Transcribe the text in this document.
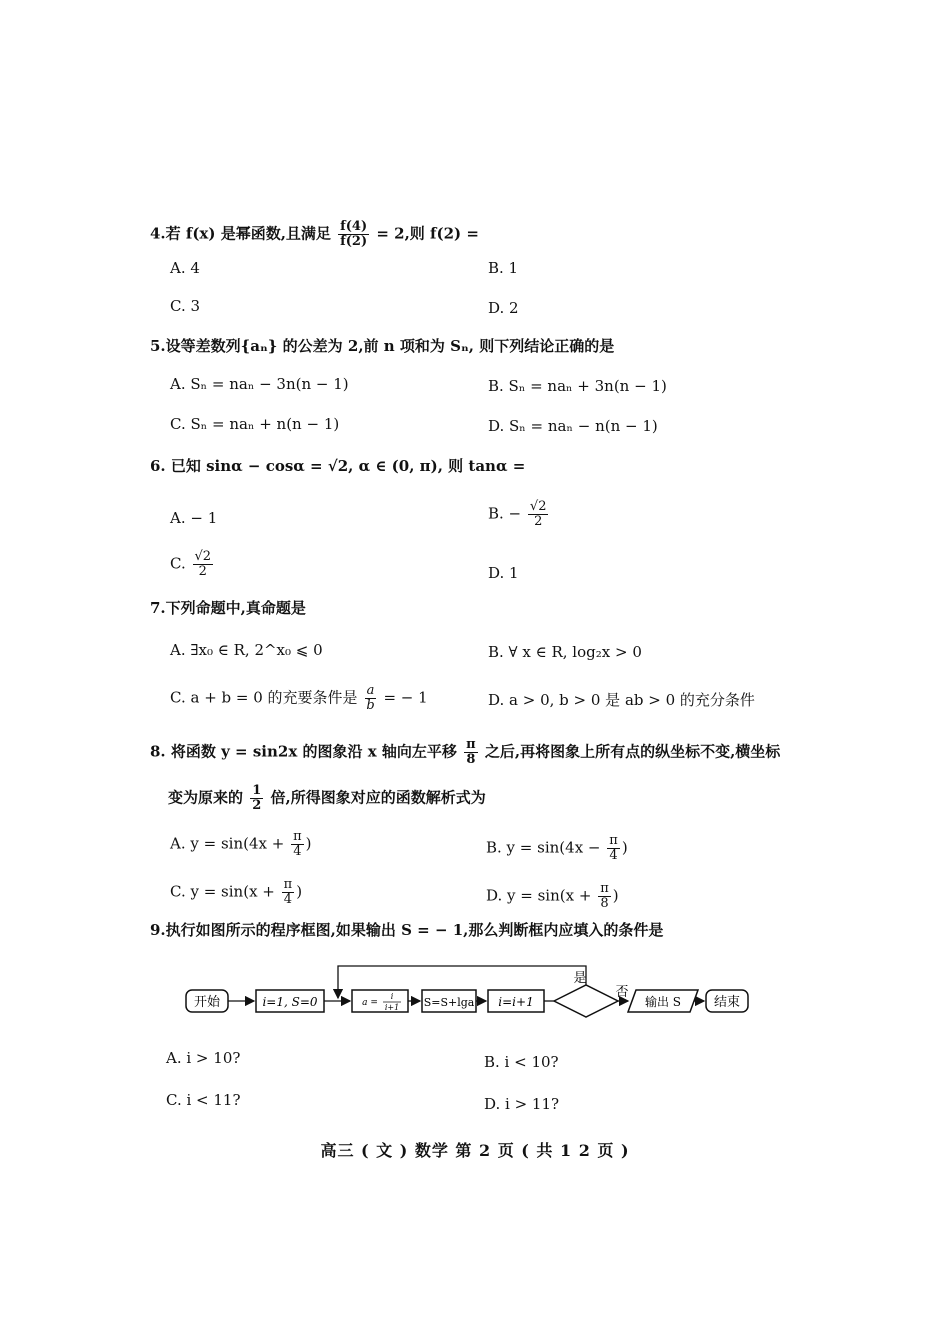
4.若 f(x) 是幂函数,且满足 $\frac{f(4)}{f(2)} = 2$,则 f(2) =
A. 4	B. 1
C. 3	D. 2
5.设等差数列{aₙ} 的公差为 2,前 n 项和为 Sₙ, 则下列结论正确的是
A. Sₙ = naₙ − 3n(n − 1)	B. Sₙ = naₙ + 3n(n − 1)
C. Sₙ = naₙ + n(n − 1)	D. Sₙ = naₙ − n(n − 1)
6. 已知 sinα − cosα = √2, α ∈ (0, π), 则 tanα =
A. − 1	B. − $\frac{√2}{2}$
C. $\frac{√2}{2}$	D. 1
7.下列命题中,真命题是
A. ∃x₀ ∈ R, 2^x₀ ⩽ 0	B. ∀ x ∈ R, log₂x > 0
C. a + b = 0 的充要条件是 $\frac{a}{b}$ = − 1	D. a > 0, b > 0 是 ab > 0 的充分条件
8. 将函数 y = sin2x 的图象沿 x 轴向左平移 $\frac{\pi}{8}$ 之后,再将图象上所有点的纵坐标不变,横坐标
变为原来的 $\frac{1}{2}$ 倍,所得图象对应的函数解析式为
A. $y = \sin(4x + \frac{\pi}{4}$ )	B. $y = \sin(4x - \frac{\pi}{4}$ )
C. $y = \sin(x + \frac{\pi}{4}$ )	D. $y = \sin(x + \frac{\pi}{8}$ )
9.执行如图所示的程序框图,如果输出 S = − 1,那么判断框内应填入的条件是
开始	i=1, S=0	a =
i
i+1 S=S+lga i=i+1
是
否
输出 S	结束
A. i > 10?	B. i < 10?
C. i < 11?	D. i > 11?
高三 ( 文 ) 数学 第 2 页 ( 共 1 2 页 )
